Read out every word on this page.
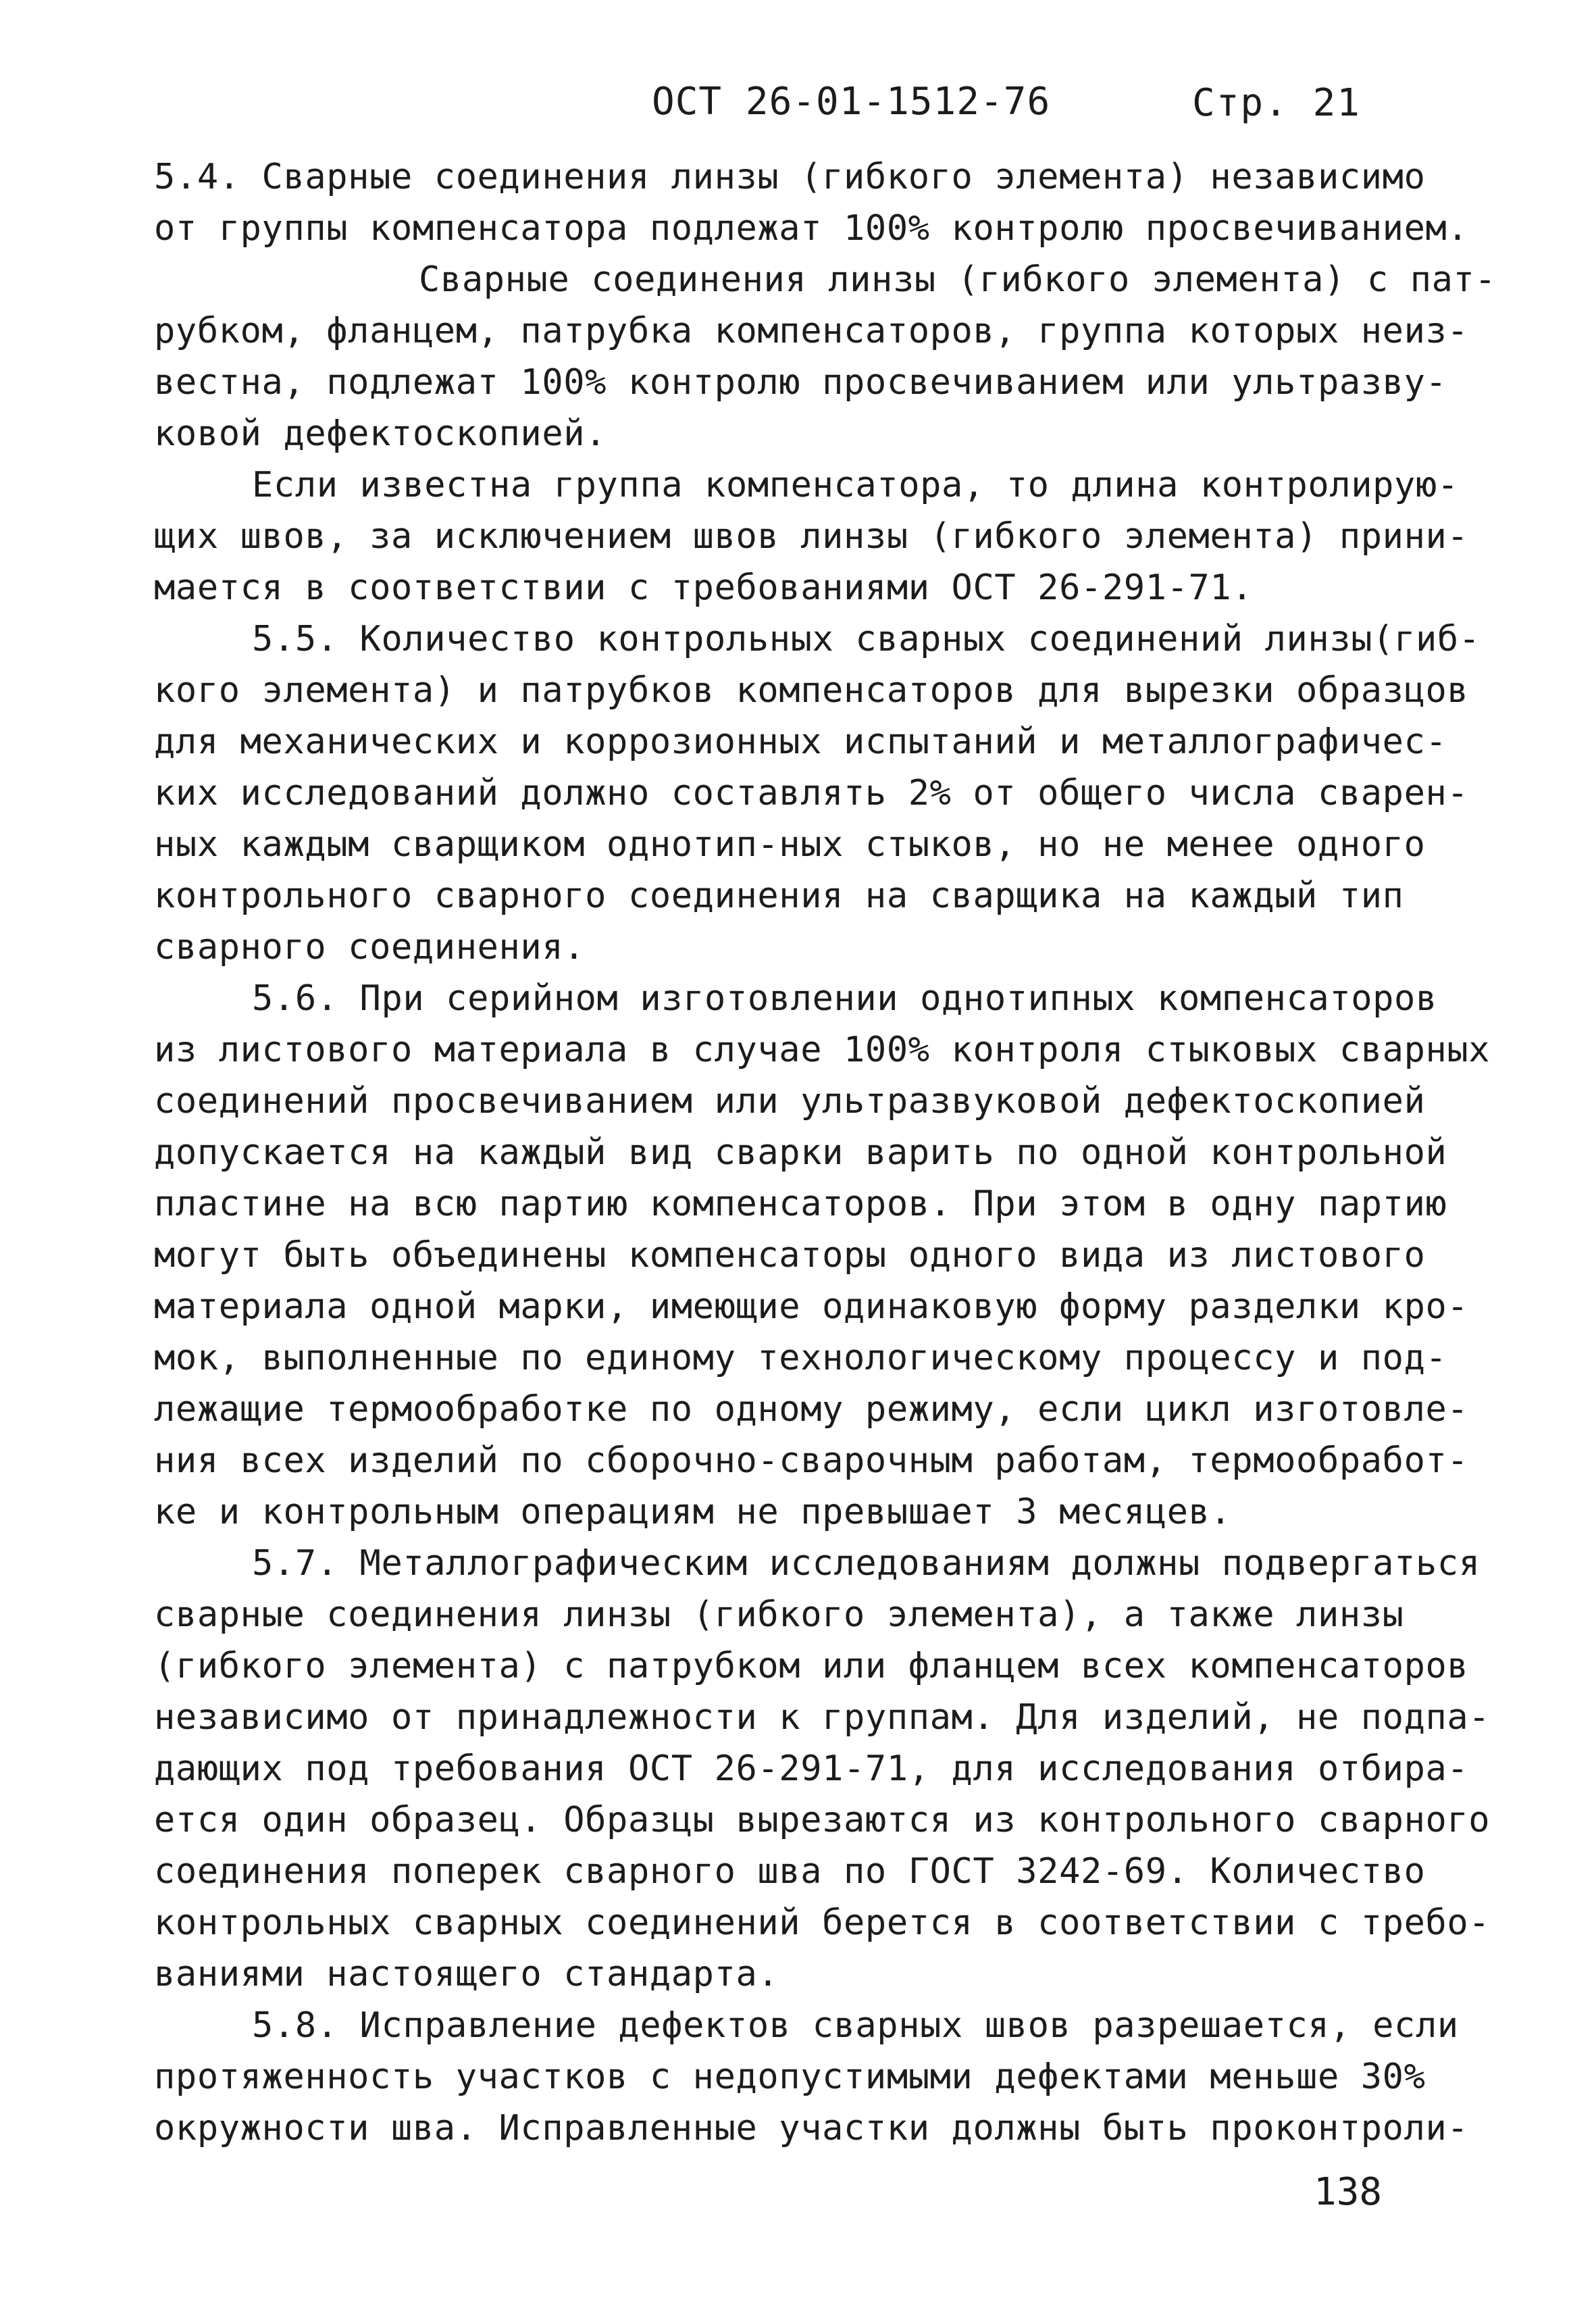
ОСТ 26-01-1512-76	Стр. 21
5.4. Сварные соединения линзы (гибкого элемента) независимо
от группы компенсатора подлежат 100% контролю просвечиванием.
Сварные соединения линзы (гибкого элемента) с пат-
рубком, фланцем, патрубка компенсаторов, группа которых неиз-
вестна, подлежат 100% контролю просвечиванием или ультразву-
ковой дефектоскопией.
Если известна группа компенсатора, то длина контролирую-
щих швов, за исключением швов линзы (гибкого элемента) прини-
мается в соответствии с требованиями ОСТ 26-291-71.
5.5. Количество контрольных сварных соединений линзы(гиб-
кого элемента) и патрубков компенсаторов для вырезки образцов
для механических и коррозионных испытаний и металлографичес-
ких исследований должно составлять 2% от общего числа сварен-
ных каждым сварщиком однотип-ных стыков, но не менее одного
контрольного сварного соединения на сварщика на каждый тип
сварного соединения.
5.6. При серийном изготовлении однотипных компенсаторов
из листового материала в случае 100% контроля стыковых сварных
соединений просвечиванием или ультразвуковой дефектоскопией
допускается на каждый вид сварки варить по одной контрольной
пластине на всю партию компенсаторов. При этом в одну партию
могут быть объединены компенсаторы одного вида из листового
материала одной марки, имеющие одинаковую форму разделки кро-
мок, выполненные по единому технологическому процессу и под-
лежащие термообработке по одному режиму, если цикл изготовле-
ния всех изделий по сборочно-сварочным работам, термообработ-
ке и контрольным операциям не превышает 3 месяцев.
5.7. Металлографическим исследованиям должны подвергаться
сварные соединения линзы (гибкого элемента), а также линзы
(гибкого элемента) с патрубком или фланцем всех компенсаторов
независимо от принадлежности к группам. Для изделий, не подпа-
дающих под требования ОСТ 26-291-71, для исследования отбира-
ется один образец. Образцы вырезаются из контрольного сварного
соединения поперек сварного шва по ГОСТ 3242-69. Количество
контрольных сварных соединений берется в соответствии с требо-
ваниями настоящего стандарта.
5.8. Исправление дефектов сварных швов разрешается, если
протяженность участков с недопустимыми дефектами меньше 30%
окружности шва. Исправленные участки должны быть проконтроли-
138
